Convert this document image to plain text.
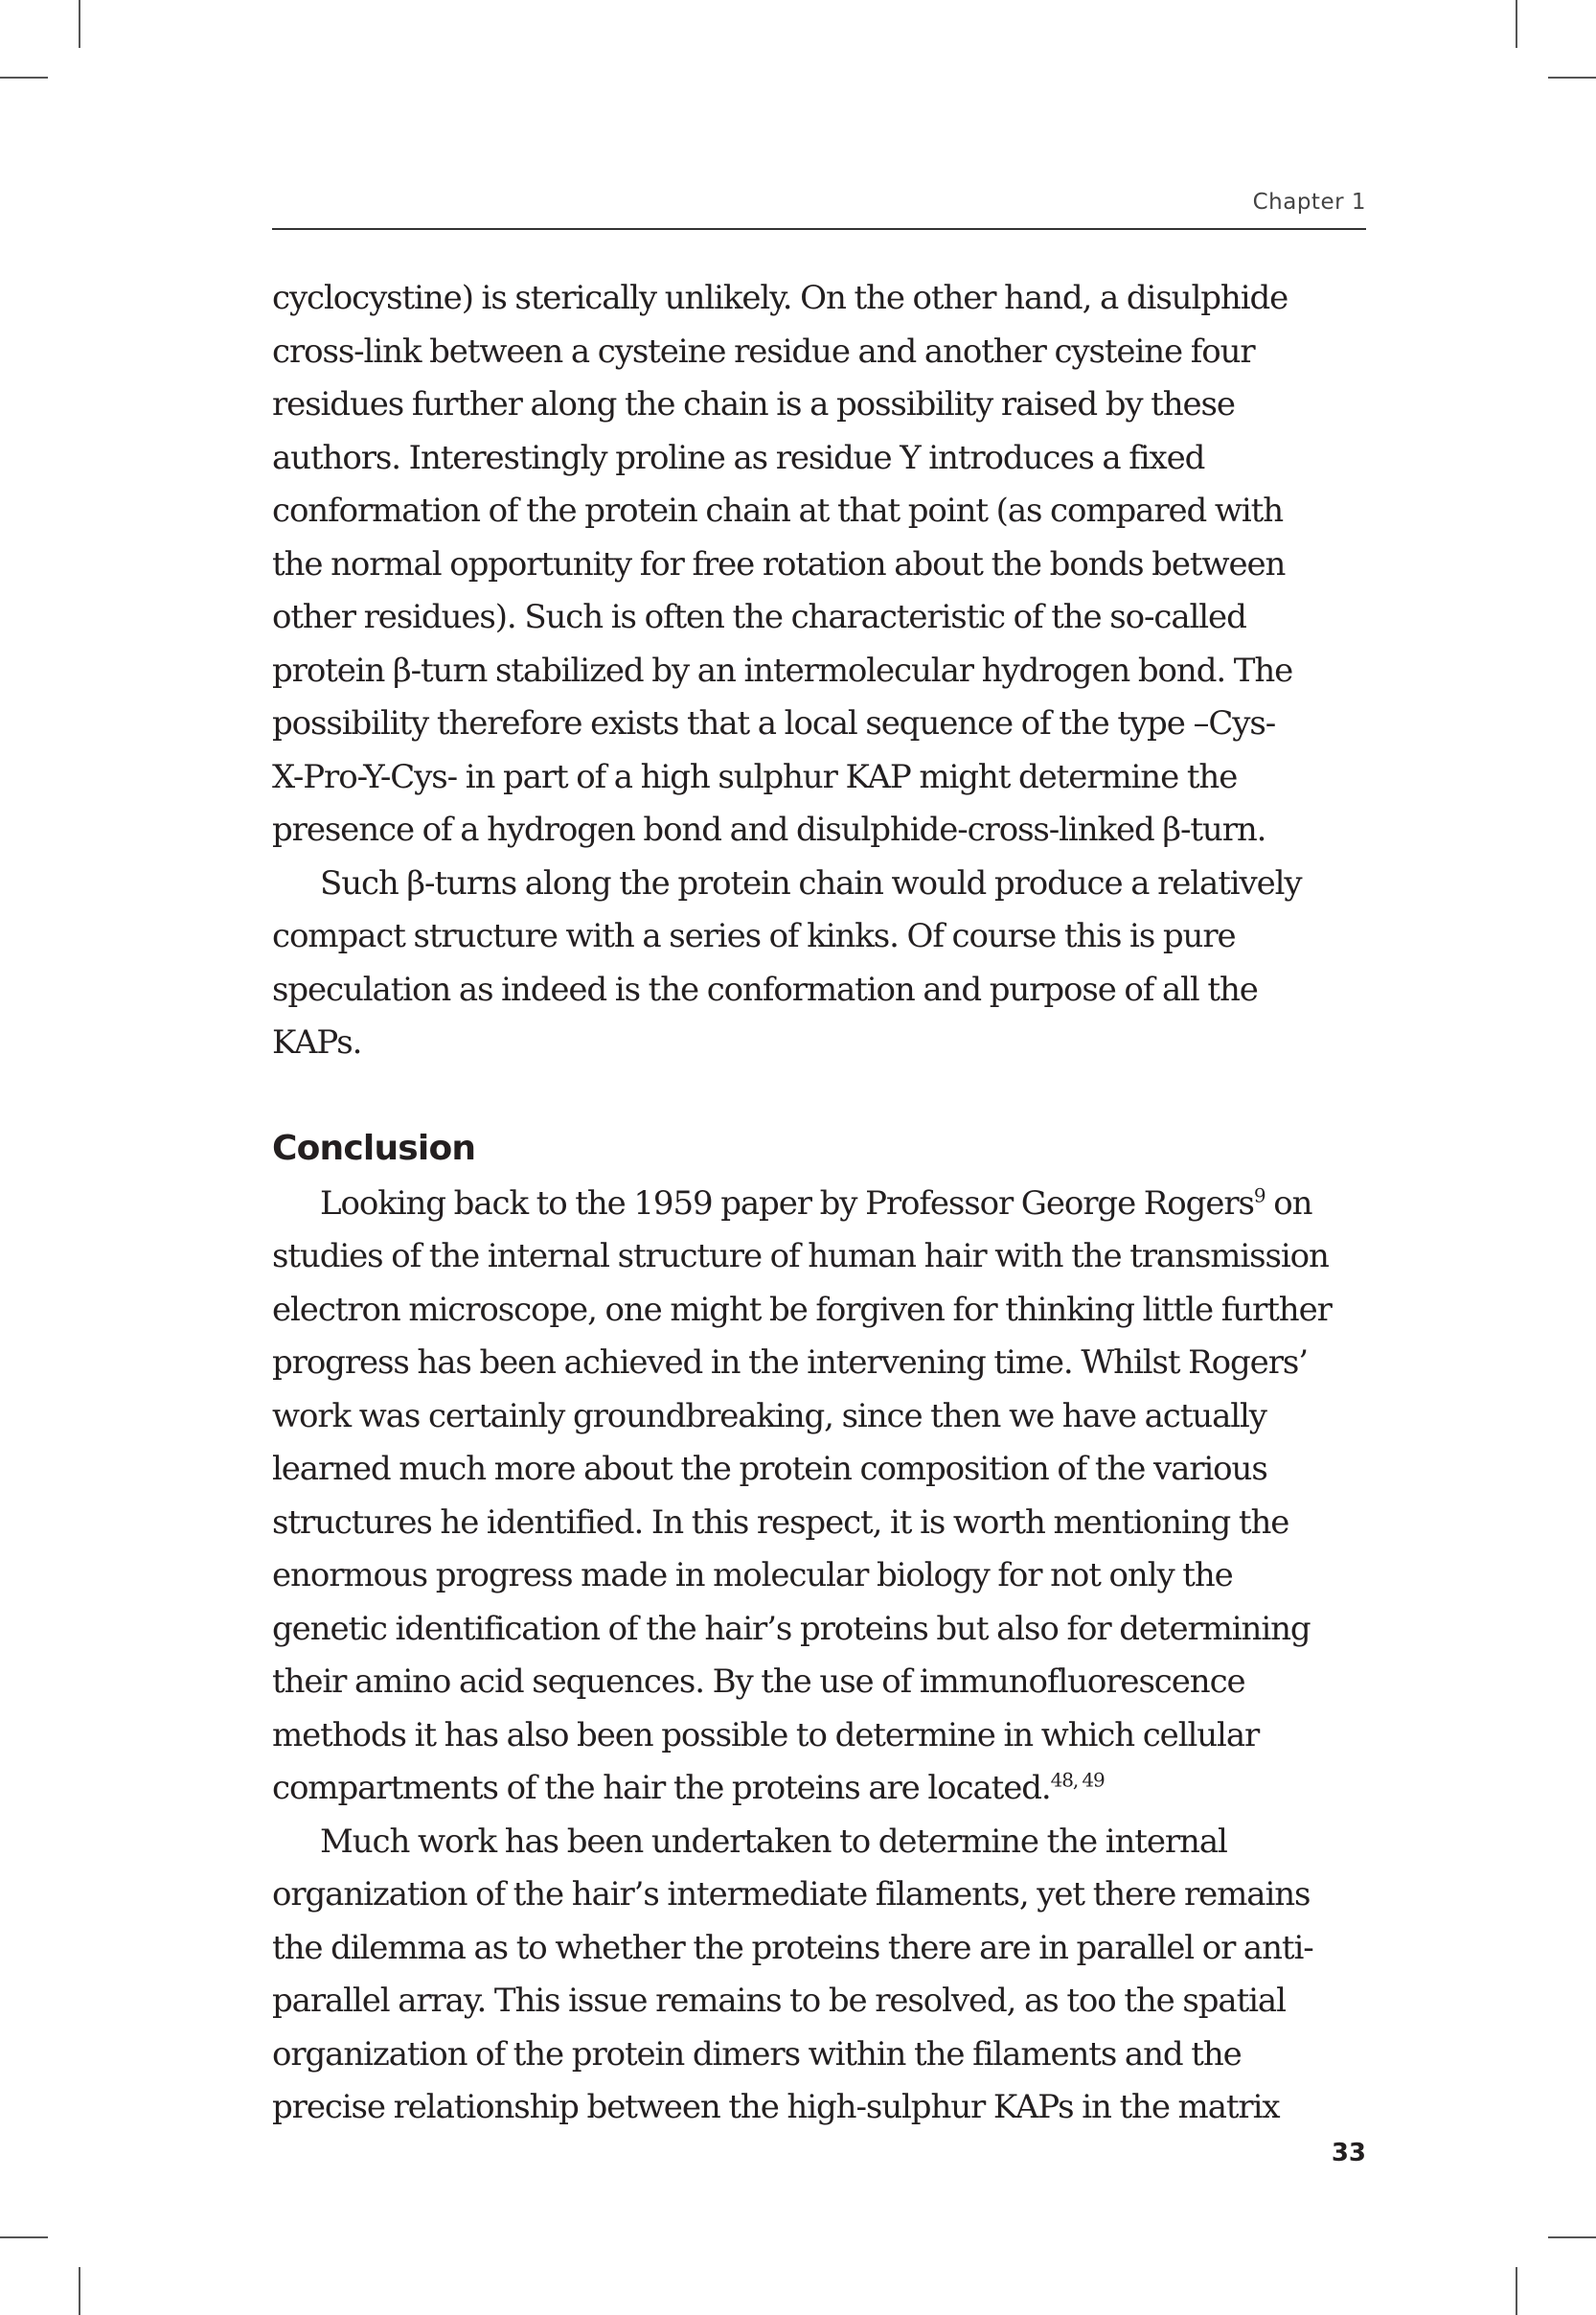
Chapter 1
cyclocystine) is sterically unlikely. On the other hand, a disulphide
cross-link between a cysteine residue and another cysteine four
residues further along the chain is a possibility raised by these
authors. Interestingly proline as residue Y introduces a fixed
conformation of the protein chain at that point (as compared with
the normal opportunity for free rotation about the bonds between
other residues). Such is often the characteristic of the so-called
protein β-turn stabilized by an intermolecular hydrogen bond. The
possibility therefore exists that a local sequence of the type –Cys-
X-Pro-Y-Cys- in part of a high sulphur KAP might determine the
presence of a hydrogen bond and disulphide-cross-linked β-turn.
Such β-turns along the protein chain would produce a relatively
compact structure with a series of kinks. Of course this is pure
speculation as indeed is the conformation and purpose of all the
KAPs.
Conclusion
Looking back to the 1959 paper by Professor George Rogers$^9$ on
studies of the internal structure of human hair with the transmission
electron microscope, one might be forgiven for thinking little further
progress has been achieved in the intervening time. Whilst Rogers’
work was certainly groundbreaking, since then we have actually
learned much more about the protein composition of the various
structures he identified. In this respect, it is worth mentioning the
enormous progress made in molecular biology for not only the
genetic identification of the hair’s proteins but also for determining
their amino acid sequences. By the use of immunofluorescence
methods it has also been possible to determine in which cellular
compartments of the hair the proteins are located.$^{48, 49}$
Much work has been undertaken to determine the internal
organization of the hair’s intermediate filaments, yet there remains
the dilemma as to whether the proteins there are in parallel or anti-
parallel array. This issue remains to be resolved, as too the spatial
organization of the protein dimers within the filaments and the
precise relationship between the high-sulphur KAPs in the matrix
33
